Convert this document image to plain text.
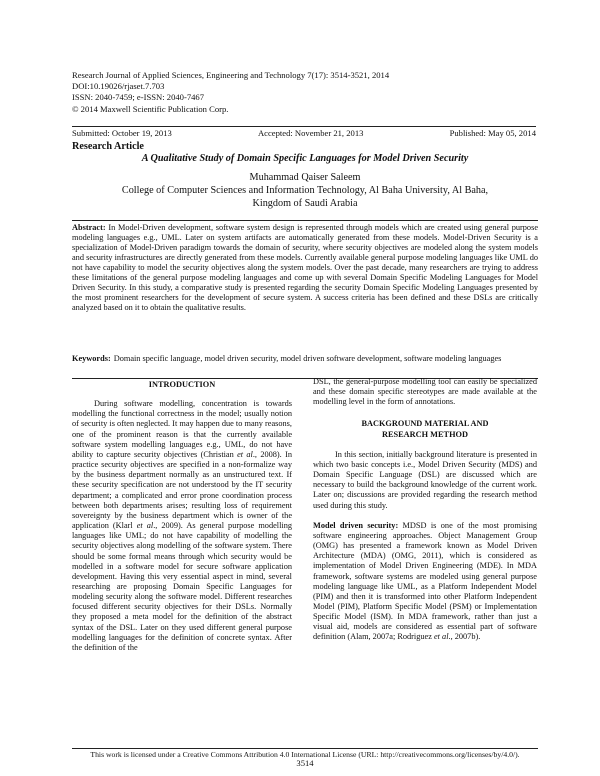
Research Journal of Applied Sciences, Engineering and Technology 7(17): 3514-3521, 2014
DOI:10.19026/rjaset.7.703
ISSN: 2040-7459; e-ISSN: 2040-7467
© 2014 Maxwell Scientific Publication Corp.
Submitted: October 19, 2013	Accepted: November 21, 2013	Published: May 05, 2014
Research Article
A Qualitative Study of Domain Specific Languages for Model Driven Security
Muhammad Qaiser Saleem
College of Computer Sciences and Information Technology, Al Baha University, Al Baha,
Kingdom of Saudi Arabia
Abstract: In Model-Driven development, software system design is represented through models which are created using general purpose modeling languages e.g., UML. Later on system artifacts are automatically generated from these models. Model-Driven Security is a specialization of Model-Driven paradigm towards the domain of security, where security objectives are modeled along the system models and security infrastructures are directly generated from these models. Currently available general purpose modeling languages like UML do not have capability to model the security objectives along the system models. Over the past decade, many researchers are trying to address these limitations of the general purpose modeling languages and come up with several Domain Specific Modeling Languages for Model Driven Security. In this study, a comparative study is presented regarding the security Domain Specific Modeling Languages presented by the most prominent researchers for the development of secure system. A success criteria has been defined and these DSLs are critically analyzed based on it to obtain the qualitative results.
Keywords: Domain specific language, model driven security, model driven software development, software modeling languages

INTRODUCTION

During software modelling, concentration is towards modelling the functional correctness in the model; usually notion of security is often neglected. It may happen due to many reasons, one of the prominent reason is that the currently available software system modelling languages e.g., UML, do not have ability to capture security objectives (Christian et al., 2008). In practice security objectives are specified in a non-formalize way by the business department normally as an unstructured text. If these security specification are not understood by the IT security department; a complicated and error prone coordination process between both departments arises; resulting loss of requirement sovereignty by the business department which is owner of the application (Klarl et al., 2009). As general purpose modelling languages like UML; do not have capability of modelling the security objectives along modelling of the software system. There should be some formal means through which security would be modelled in a software model for secure software application development. Having this very essential aspect in mind, several researching are proposing Domain Specific Languages for modeling security along the software model. Different researches focused different security objectives for their DSLs. Normally they proposed a meta model for the definition of the abstract syntax of the DSL. Later on they used different general purpose modelling languages for the definition of concrete syntax. After the definition of the

DSL, the general-purpose modelling tool can easily be specialized and these domain specific stereotypes are made available at the modelling level in the form of annotations.

BACKGROUND MATERIAL AND

RESEARCH METHOD

In this section, initially background literature is presented in which two basic concepts i.e., Model Driven Security (MDS) and Domain Specific Language (DSL) are discussed which are necessary to build the background knowledge of the current work. Later on; discussions are provided regarding the research method used during this study.

Model driven security: MDSD is one of the most promising software engineering approaches. Object Management Group (OMG) has presented a framework known as Model Driven Architecture (MDA) (OMG, 2011), which is considered as implementation of Model Driven Engineering (MDE). In MDA framework, software systems are modeled using general purpose modeling language like UML, as a Platform Independent Model (PIM) and then it is transformed into other Platform Independent Model (PIM), Platform Specific Model (PSM) or Implementation Specific Model (ISM). In MDA framework, rather than just a visual aid, models are considered as essential part of software definition (Alam, 2007a; Rodriguez et al., 2007b).

This work is licensed under a Creative Commons Attribution 4.0 International License (URL: http://creativecommons.org/licenses/by/4.0/).
3514
